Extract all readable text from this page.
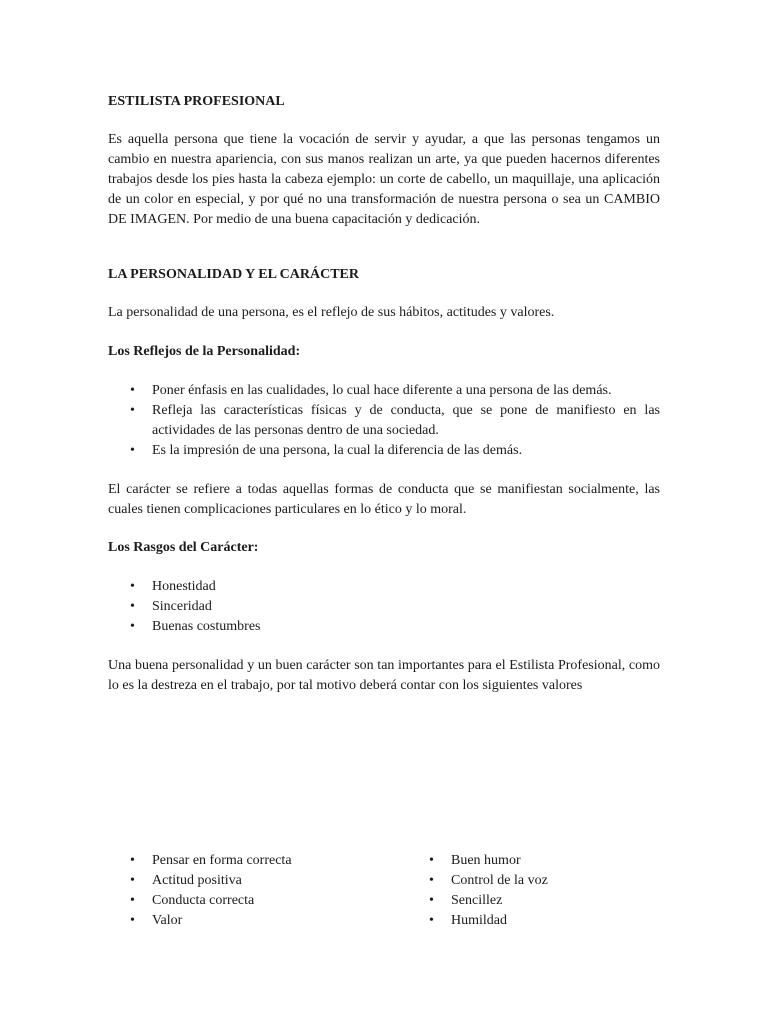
ESTILISTA PROFESIONAL

Es aquella persona que tiene la vocación de servir y ayudar, a que las personas tengamos un cambio en nuestra apariencia, con sus manos realizan un arte, ya que pueden hacernos diferentes trabajos desde los pies hasta la cabeza ejemplo: un corte de cabello, un maquillaje, una aplicación de un color en especial, y por qué no una transformación de nuestra persona o sea un CAMBIO DE IMAGEN. Por medio de una buena capacitación y dedicación.

LA PERSONALIDAD Y EL CARÁCTER

La personalidad de una persona, es el reflejo de sus hábitos, actitudes y valores.

Los Reflejos de la Personalidad:

• Poner énfasis en las cualidades, lo cual hace diferente a una persona de las demás.
• Refleja las características físicas y de conducta, que se pone de manifiesto en las actividades de las personas dentro de una sociedad.
• Es la impresión de una persona, la cual la diferencia de las demás.

El carácter se refiere a todas aquellas formas de conducta que se manifiestan socialmente, las cuales tienen complicaciones particulares en lo ético y lo moral.

Los Rasgos del Carácter:

• Honestidad
• Sinceridad
• Buenas costumbres

Una buena personalidad y un buen carácter son tan importantes para el Estilista Profesional, como lo es la destreza en el trabajo, por tal motivo deberá contar con los siguientes valores

• Pensar en forma correcta
• Actitud positiva
• Conducta correcta
• Valor
• Buen humor
• Control de la voz
• Sencillez
• Humildad
